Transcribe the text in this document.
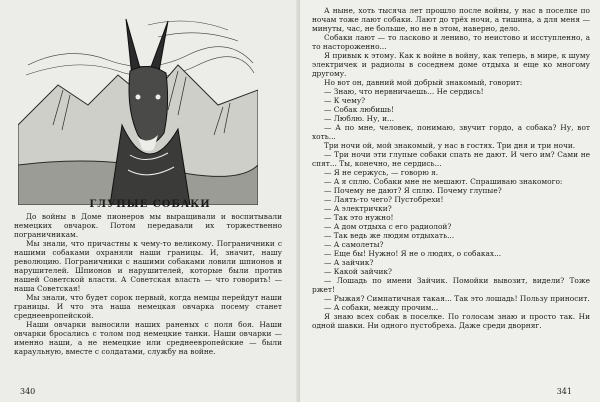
ГЛУПЫЕ СОБАКИ

До войны в Доме пионеров мы выращивали и воспитывали немецких овчарок. Потом передавали их торжественно пограничникам.

Мы знали, что причастны к чему-то великому. Пограничники с нашими собаками охраняли наши границы. И, значит, нашу революцию. Пограничники с нашими собаками ловили шпионов и нарушителей. Шпионов и нарушителей, которые были против нашей Советской власти. А Советская власть — что говорить! — наша Советская!

Мы знали, что будет сорок первый, когда немцы перейдут наши границы. И что эта наша немецкая овчарка посему станет среднеевропейской.

Наши овчарки выносили наших раненых с поля боя. Наши овчарки бросались с толом под немецкие танки. Наши овчарки — именно наши, а не немецкие или среднеевропейские — были караульную, вместе с солдатами, службу на войне.

340

А ныне, хоть тысяча лет прошло после войны, у нас в поселке по ночам тоже лают собаки. Лают до трёх ночи, а тишина, а для меня — минуты, час, не больше, но не в этом, наверно, дело.

Собаки лают — то ласково и лениво, то неистово и исступленно, а то настороженно...

Я привык к этому. Как к войне в войну, как теперь, в мире, к шуму электричек и радиолы в соседнем доме отдыха и еще ко многому другому.

Но вот он, давний мой добрый знакомый, говорит:

— Знаю, что нервничаешь... Не сердись!

— К чему?

— Собак любишь!

— Люблю. Ну, и...

— А по мне, человек, понимаю, звучит гордо, а собака? Ну, вот хоть...

Три ночи ой, мой знакомый, у нас в гостях. Три дня и три ночи.

— Три ночи эти глупые собаки спать не дают. И чего им? Сами не спят... Ты, конечно, не сердись...

— Я не сержусь, — говорю я.

— А я сплю. Собаки мне не мешают. Спрашиваю знакомого:

— Почему не дают? Я сплю. Почему глупые?

— Лаять-то чего? Пустобрехи!

— А электрички?

— Так это нужно!

— А дом отдыха с его радиолой?

— Так ведь же людям отдыхать...

— А самолеты?

— Еще бы! Нужно! Я не о людях, о собаках...

— А зайчик?

— Какой зайчик?

— Лошадь по имени Зайчик. Помойки вывозит, видели? Тоже ржет!

— Рыжая? Симпатичная такая... Так это лошадь! Пользу приносит.

— А собаки, между прочим...

Я знаю всех собак в поселке. По голосам знаю и просто так. Ни одной шавки. Ни одного пустобреха. Даже среди дворняг.

341
